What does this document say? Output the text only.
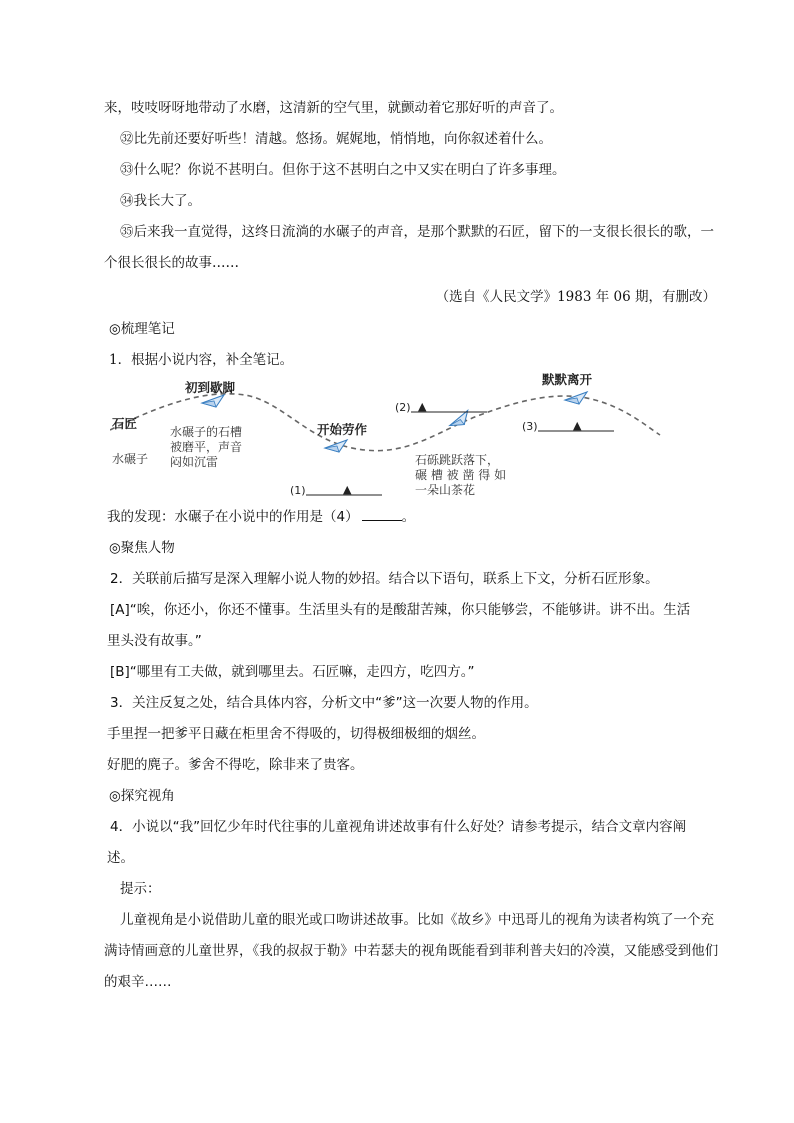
来，吱吱呀呀地带动了水磨，这清新的空气里，就颤动着它那好听的声音了。

㉜比先前还要好听些！清越。悠扬。娓娓地，悄悄地，向你叙述着什么。

㉝什么呢？你说不甚明白。但你于这不甚明白之中又实在明白了许多事理。

㉞我长大了。

㉟后来我一直觉得，这终日流淌的水碾子的声音，是那个默默的石匠，留下的一支很长很长的歌，一

个很长很长的故事……

（选自《人民文学》1983 年 06 期，有删改）

◎梳理笔记

1．根据小说内容，补全笔记。

初到歇脚
开始劳作
默默离开
石匠
水碾子
水碾子的石槽
被磨平，声音
闷如沉雷	石砾跳跃落下，
碾 槽 被 凿 得 如
一朵山茶花
(1)	▲
(2) ▲
(3)	▲

我的发现：水碾子在小说中的作用是（4）	。

◎聚焦人物

2．关联前后描写是深入理解小说人物的妙招。结合以下语句，联系上下文，分析石匠形象。

[A]“唉，你还小，你还不懂事。生活里头有的是酸甜苦辣，你只能够尝，不能够讲。讲不出。生活

里头没有故事。”

[B]“哪里有工夫做，就到哪里去。石匠嘛，走四方，吃四方。”

3．关注反复之处，结合具体内容，分析文中“爹”这一次要人物的作用。

手里捏一把爹平日藏在柜里舍不得吸的，切得极细极细的烟丝。

好肥的麂子。爹舍不得吃，除非来了贵客。

◎探究视角

4．小说以“我”回忆少年时代往事的儿童视角讲述故事有什么好处？请参考提示，结合文章内容阐

述。

提示：

儿童视角是小说借助儿童的眼光或口吻讲述故事。比如《故乡》中迅哥儿的视角为读者构筑了一个充

满诗情画意的儿童世界，《我的叔叔于勒》中若瑟夫的视角既能看到菲利普夫妇的冷漠，又能感受到他们

的艰辛……
